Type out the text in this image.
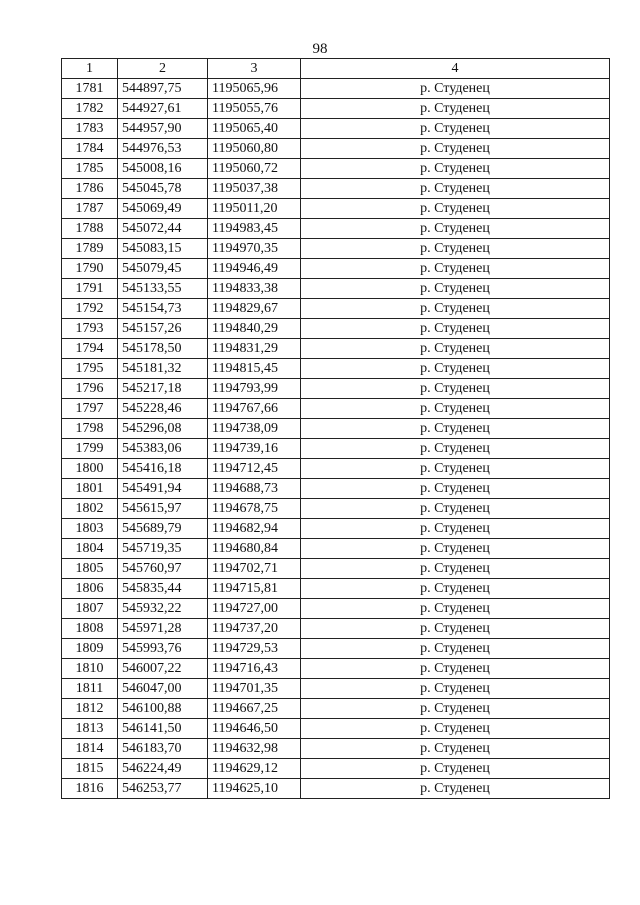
98
1	2	3	4
1781	544897,75	1195065,96	р. Студенец
1782	544927,61	1195055,76	р. Студенец
1783	544957,90	1195065,40	р. Студенец
1784	544976,53	1195060,80	р. Студенец
1785	545008,16	1195060,72	р. Студенец
1786	545045,78	1195037,38	р. Студенец
1787	545069,49	1195011,20	р. Студенец
1788	545072,44	1194983,45	р. Студенец
1789	545083,15	1194970,35	р. Студенец
1790	545079,45	1194946,49	р. Студенец
1791	545133,55	1194833,38	р. Студенец
1792	545154,73	1194829,67	р. Студенец
1793	545157,26	1194840,29	р. Студенец
1794	545178,50	1194831,29	р. Студенец
1795	545181,32	1194815,45	р. Студенец
1796	545217,18	1194793,99	р. Студенец
1797	545228,46	1194767,66	р. Студенец
1798	545296,08	1194738,09	р. Студенец
1799	545383,06	1194739,16	р. Студенец
1800	545416,18	1194712,45	р. Студенец
1801	545491,94	1194688,73	р. Студенец
1802	545615,97	1194678,75	р. Студенец
1803	545689,79	1194682,94	р. Студенец
1804	545719,35	1194680,84	р. Студенец
1805	545760,97	1194702,71	р. Студенец
1806	545835,44	1194715,81	р. Студенец
1807	545932,22	1194727,00	р. Студенец
1808	545971,28	1194737,20	р. Студенец
1809	545993,76	1194729,53	р. Студенец
1810	546007,22	1194716,43	р. Студенец
1811	546047,00	1194701,35	р. Студенец
1812	546100,88	1194667,25	р. Студенец
1813	546141,50	1194646,50	р. Студенец
1814	546183,70	1194632,98	р. Студенец
1815	546224,49	1194629,12	р. Студенец
1816	546253,77	1194625,10	р. Студенец
